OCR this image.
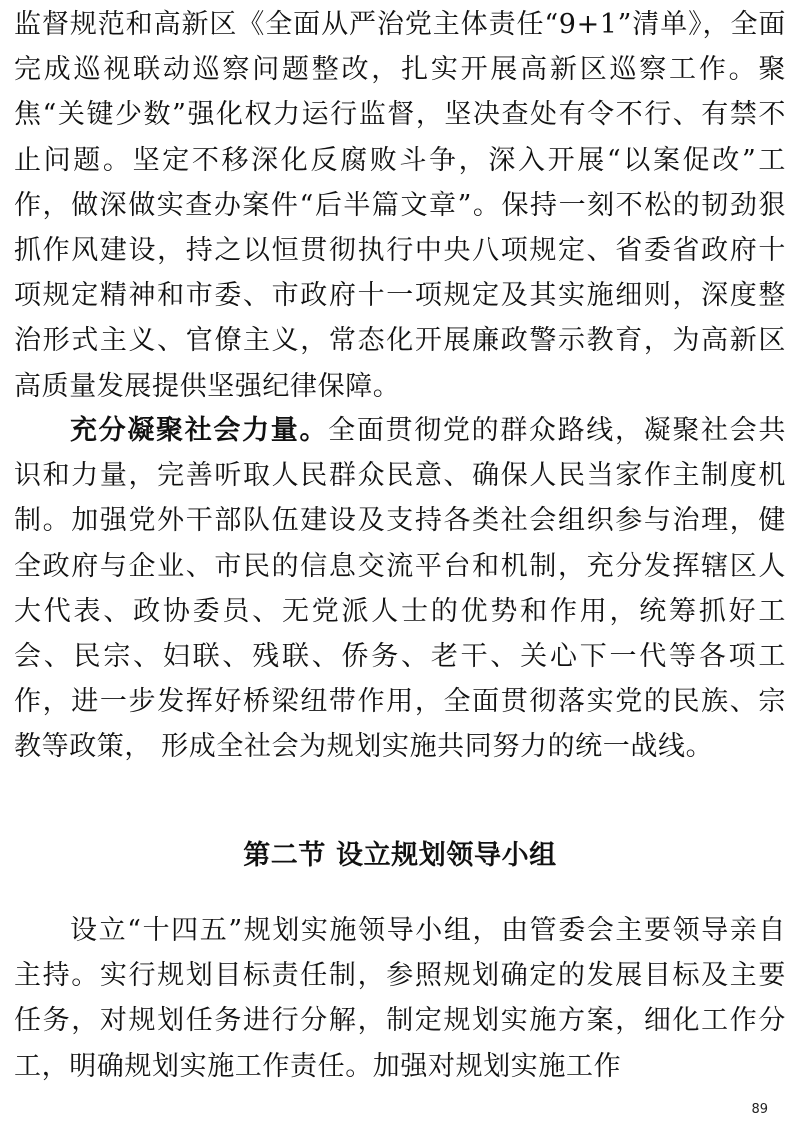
监督规范和高新区《全面从严治党主体责任“9+1”清单》，全面完成巡视联动巡察问题整改，扎实开展高新区巡察工作。聚焦“关键少数”强化权力运行监督，坚决查处有令不行、有禁不止问题。坚定不移深化反腐败斗争，深入开展“以案促改”工作，做深做实查办案件“后半篇文章”。保持一刻不松的韧劲狠抓作风建设，持之以恒贯彻执行中央八项规定、省委省政府十项规定精神和市委、市政府十一项规定及其实施细则，深度整治形式主义、官僚主义，常态化开展廉政警示教育，为高新区高质量发展提供坚强纪律保障。

充分凝聚社会力量。全面贯彻党的群众路线，凝聚社会共识和力量，完善听取人民群众民意、确保人民当家作主制度机制。加强党外干部队伍建设及支持各类社会组织参与治理，健全政府与企业、市民的信息交流平台和机制，充分发挥辖区人大代表、政协委员、无党派人士的优势和作用，统筹抓好工会、民宗、妇联、残联、侨务、老干、关心下一代等各项工作，进一步发挥好桥梁纽带作用，全面贯彻落实党的民族、宗教等政策， 形成全社会为规划实施共同努力的统一战线。

第二节 设立规划领导小组

设立“十四五”规划实施领导小组，由管委会主要领导亲自主持。实行规划目标责任制，参照规划确定的发展目标及主要任务，对规划任务进行分解，制定规划实施方案，细化工作分工，明确规划实施工作责任。加强对规划实施工作

89
